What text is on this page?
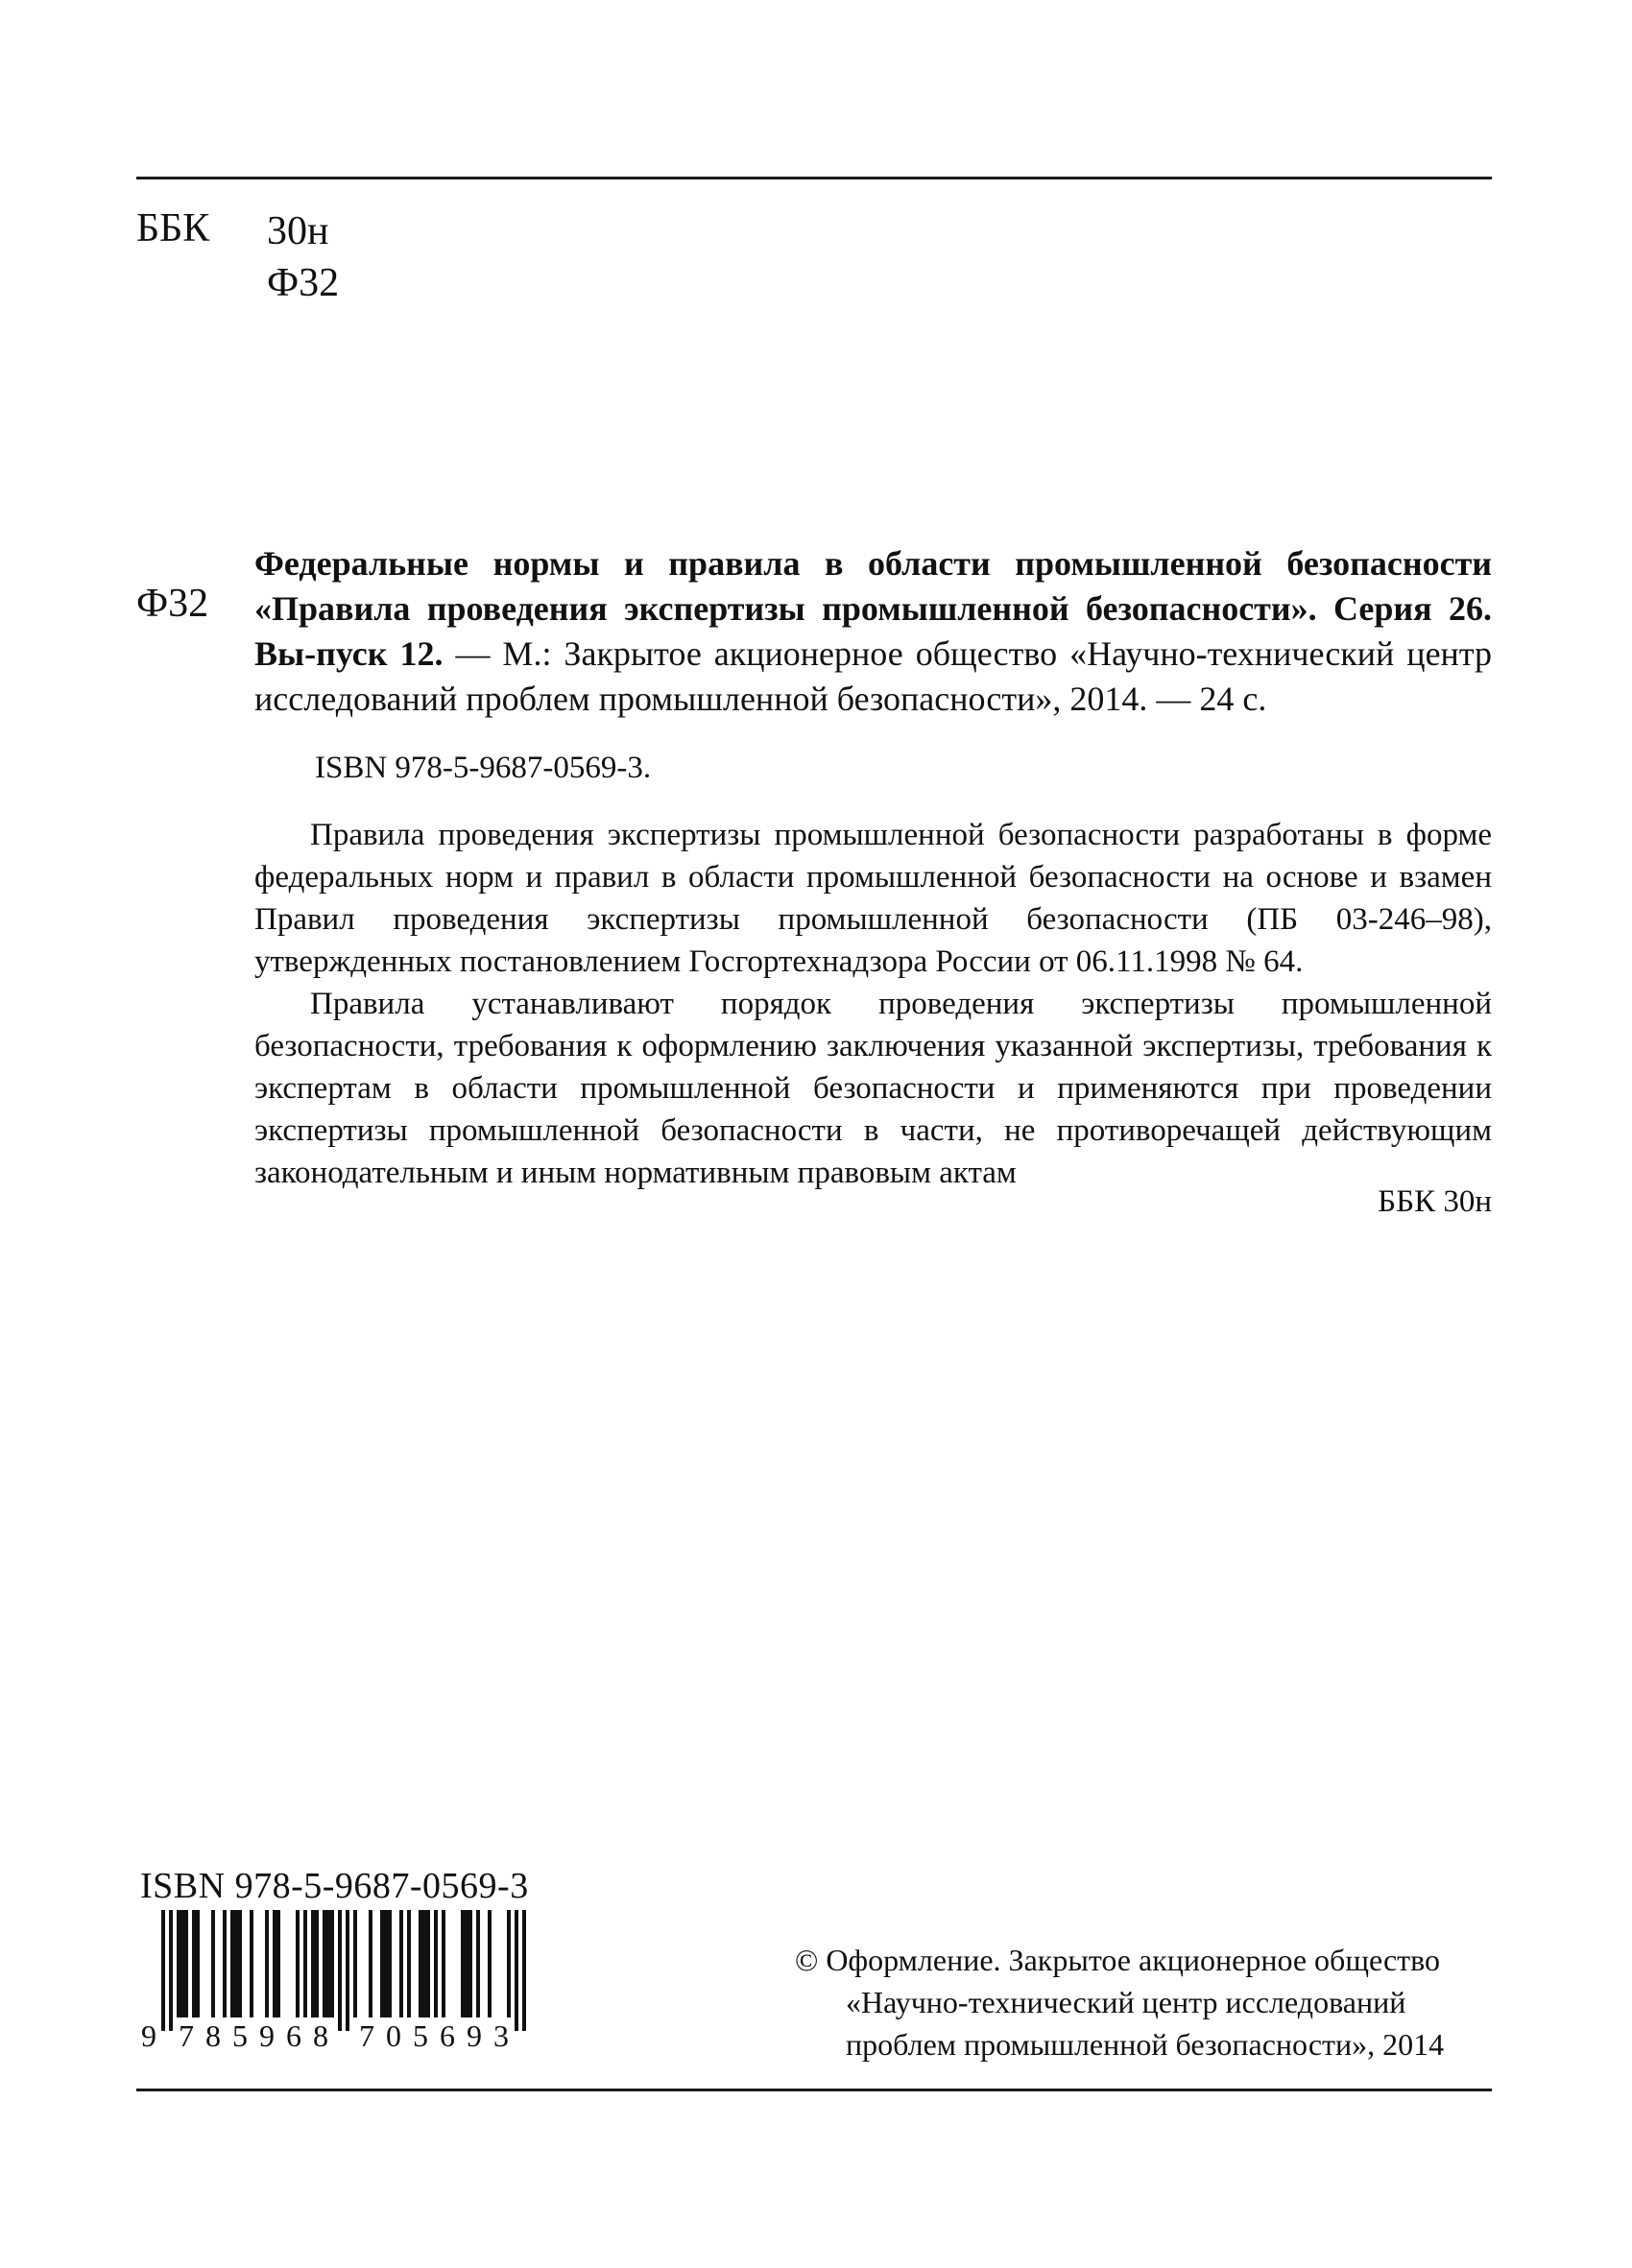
ББК 30н
Ф32
Ф32
Федеральные нормы и правила в области промышленной безопасности «Правила проведения экспертизы промышленной безопасности». Серия 26. Вы-пуск 12. — М.: Закрытое акционерное общество «Научно-технический центр исследований проблем промышленной безопасности», 2014. — 24 с.
ISBN 978-5-9687-0569-3.

Правила проведения экспертизы промышленной безопасности разработаны в форме федеральных норм и правил в области промышленной безопасности на основе и взамен Правил проведения экспертизы промышленной безопасности (ПБ 03-246–98), утвержденных постановлением Госгортехнадзора России от 06.11.1998 № 64.

Правила устанавливают порядок проведения экспертизы промышленной безопасности, требования к оформлению заключения указанной экспертизы, требования к экспертам в области промышленной безопасности и применяются при проведении экспертизы промышленной безопасности в части, не противоречащей действующим законодательным и иным нормативным правовым актам

ББК 30н
ISBN 978-5-9687-0569-3
9 7 8 5 9 6 8 7 0 5 6 9 3
© Оформление. Закрытое акционерное общество
«Научно-технический центр исследований
проблем промышленной безопасности», 2014
